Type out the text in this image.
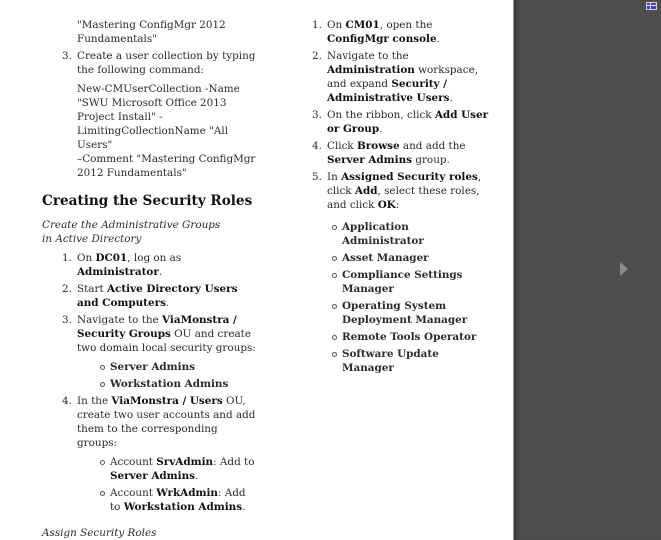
"Mastering ConfigMgr 2012 Fundamentals"

3. Create a user collection by typing the following command:
New-CMUserCollection -Name
"SWU Microsoft Office 2013
Project Install" -
LimitingCollectionName "All
Users"
–Comment "Mastering ConfigMgr
2012 Fundamentals"
Creating the Security Roles

Create the Administrative Groups in Active Directory

1. On DC01, log on as Administrator.
2. Start Active Directory Users and Computers.
3. Navigate to the ViaMonstra / Security Groups OU and create two domain local security groups:
Server Admins
Workstation Admins
4. In the ViaMonstra / Users OU, create two user accounts and add them to the corresponding groups:
Account SrvAdmin: Add to Server Admins.
Account WrkAdmin: Add to Workstation Admins.

Assign Security Roles

1. On CM01, open the ConfigMgr console.
2. Navigate to the Administration workspace, and expand Security / Administrative Users.
3. On the ribbon, click Add User or Group.
4. Click Browse and add the Server Admins group.
5. In Assigned Security roles, click Add, select these roles, and click OK:
Application Administrator
Asset Manager
Compliance Settings Manager
Operating System Deployment Manager
Remote Tools Operator
Software Update Manager
